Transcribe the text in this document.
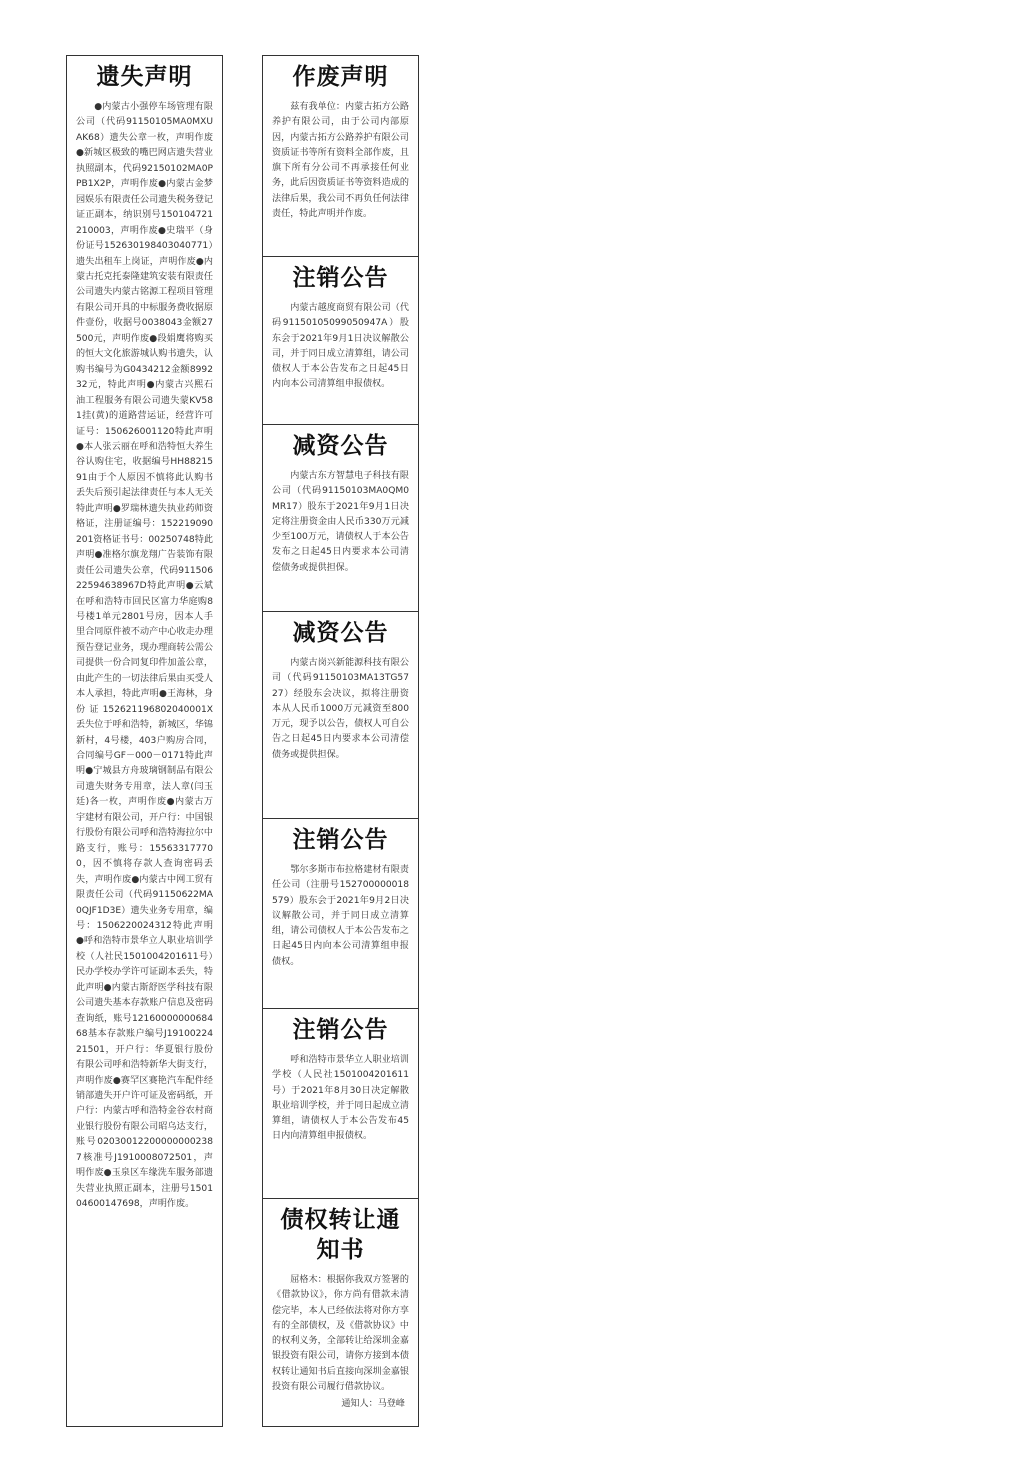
遗失声明

●内蒙古小强停车场管理有限公司（代码91150105MA0MXUAK68）遗失公章一枚，声明作废●新城区极致的嘴巴网店遗失营业执照副本，代码92150102MA0PPB1X2P，声明作废●内蒙古金梦园娱乐有限责任公司遗失税务登记证正副本，纳识别号150104721210003，声明作废●史瑞平（身份证号152630198403040771）遗失出租车上岗证，声明作废●内蒙古托克托泰隆建筑安装有限责任公司遗失内蒙古铭源工程项目管理有限公司开具的中标服务费收据原件壹份，收据号0038043金额27500元，声明作废●段娟鹰将购买的恒大文化旅游城认购书遗失，认购书编号为G0434212金额899232元，特此声明●内蒙古兴熙石油工程服务有限公司遗失蒙KV581挂(黄)的道路营运证，经营许可证号：150626001120特此声明●本人张云丽在呼和浩特恒大养生谷认购住宅，收据编号HH8821591由于个人原因不慎将此认购书丢失后预引起法律责任与本人无关特此声明●罗瑞林遗失执业药师资格证，注册证编号：152219090201资格证书号：00250748特此声明●准格尔旗龙翔广告装饰有限责任公司遗失公章，代码91150622594638967D特此声明●云斌在呼和浩特市回民区富力华庭购8号楼1单元2801号房，因本人手里合同原件被不动产中心收走办理预告登记业务，现办理商转公需公司提供一份合同复印件加盖公章，由此产生的一切法律后果由买受人本人承担，特此声明●王海林，身份证152621196802040001X丢失位于呼和浩特，新城区，华锦新村，4号楼，403户购房合同，合同编号GF－000－0171特此声明●宁城县方舟玻璃钢制品有限公司遗失财务专用章，法人章(闫玉廷)各一枚，声明作废●内蒙古万宇建材有限公司，开户行：中国银行股份有限公司呼和浩特海拉尔中路支行，账号：155633177700，因不慎将存款人查询密码丢失，声明作废●内蒙古中网工贸有限责任公司（代码91150622MA0QJF1D3E）遗失业务专用章，编号：1506220024312特此声明●呼和浩特市景华立人职业培训学校（人社民1501004201611号）民办学校办学许可证副本丢失，特此声明●内蒙古斯舒医学科技有限公司遗失基本存款账户信息及密码查询纸，账号1216000000068468基本存款账户编号J1910022421501，开户行：华夏银行股份有限公司呼和浩特新华大街支行，声明作废●赛罕区赛艳汽车配件经销部遗失开户许可证及密码纸，开户行：内蒙古呼和浩特金谷农村商业银行股份有限公司昭乌达支行，账号020300122000000002387核准号J1910008072501，声明作废●玉泉区车缘洗车服务部遗失营业执照正副本，注册号150104600147698，声明作废。

作废声明

兹有我单位：内蒙古拓方公路养护有限公司，由于公司内部原因，内蒙古拓方公路养护有限公司资质证书等所有资料全部作废，且旗下所有分公司不再承接任何业务，此后因资质证书等资料造成的法律后果，我公司不再负任何法律责任，特此声明并作废。

注销公告

内蒙古越度商贸有限公司（代码91150105099050947A）股东会于2021年9月1日决议解散公司，并于同日成立清算组，请公司债权人于本公告发布之日起45日内向本公司清算组申报债权。

减资公告

内蒙古东方智慧电子科技有限公司（代码91150103MA0QM0MR17）股东于2021年9月1日决定将注册资金由人民币330万元减少至100万元，请债权人于本公告发布之日起45日内要求本公司清偿债务或提供担保。

减资公告

内蒙古岗兴新能源科技有限公司（代码91150103MA13TG5727）经股东会决议，拟将注册资本从人民币1000万元减资至800万元，现予以公告，债权人可自公告之日起45日内要求本公司清偿债务或提供担保。

注销公告

鄂尔多斯市布拉格建材有限责任公司（注册号152700000018579）股东会于2021年9月2日决议解散公司，并于同日成立清算组，请公司债权人于本公告发布之日起45日内向本公司清算组申报债权。

注销公告

呼和浩特市景华立人职业培训学校（人民社1501004201611号）于2021年8月30日决定解散职业培训学校，并于同日起成立清算组，请债权人于本公告发布45日内向清算组申报债权。

债权转让通知书

屈格木：根据你我双方签署的《借款协议》，你方尚有借款未清偿完毕，本人已经依法将对你方享有的全部债权，及《借款协议》中的权利义务，全部转让给深圳金嘉银投资有限公司，请你方接到本债权转让通知书后直接向深圳金嘉银投资有限公司履行借款协议。

通知人：马登峰
